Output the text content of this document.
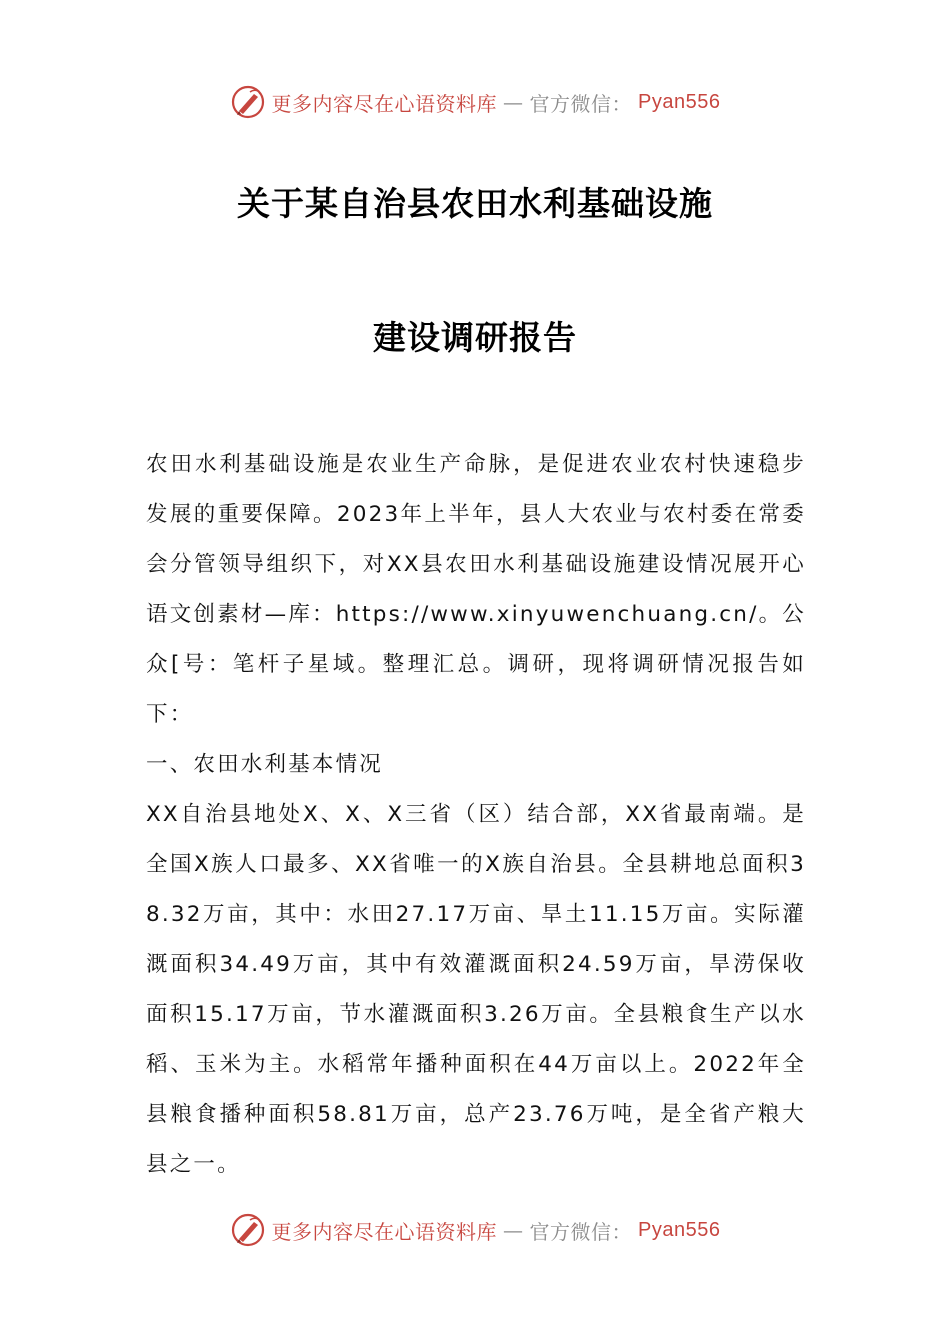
更多内容尽在心语资料库 — 官方微信： Pyan556
关于某自治县农田水利基础设施
建设调研报告

农田水利基础设施是农业生产命脉，是促进农业农村快速稳步发展的重要保障。2023年上半年，县人大农业与农村委在常委会分管领导组织下，对XX县农田水利基础设施建设情况展开心语文创素材—库：https://www.xinyuwenchuang.cn/。公众[号：笔杆子星域。整理汇总。调研，现将调研情况报告如下：

一、农田水利基本情况

XX自治县地处X、X、X三省（区）结合部，XX省最南端。是全国X族人口最多、XX省唯一的X族自治县。全县耕地总面积38.32万亩，其中：水田27.17万亩、旱土11.15万亩。实际灌溉面积34.49万亩，其中有效灌溉面积24.59万亩，旱涝保收面积15.17万亩，节水灌溉面积3.26万亩。全县粮食生产以水稻、玉米为主。水稻常年播种面积在44万亩以上。2022年全县粮食播种面积58.81万亩，总产23.76万吨，是全省产粮大县之一。

更多内容尽在心语资料库 — 官方微信： Pyan556
